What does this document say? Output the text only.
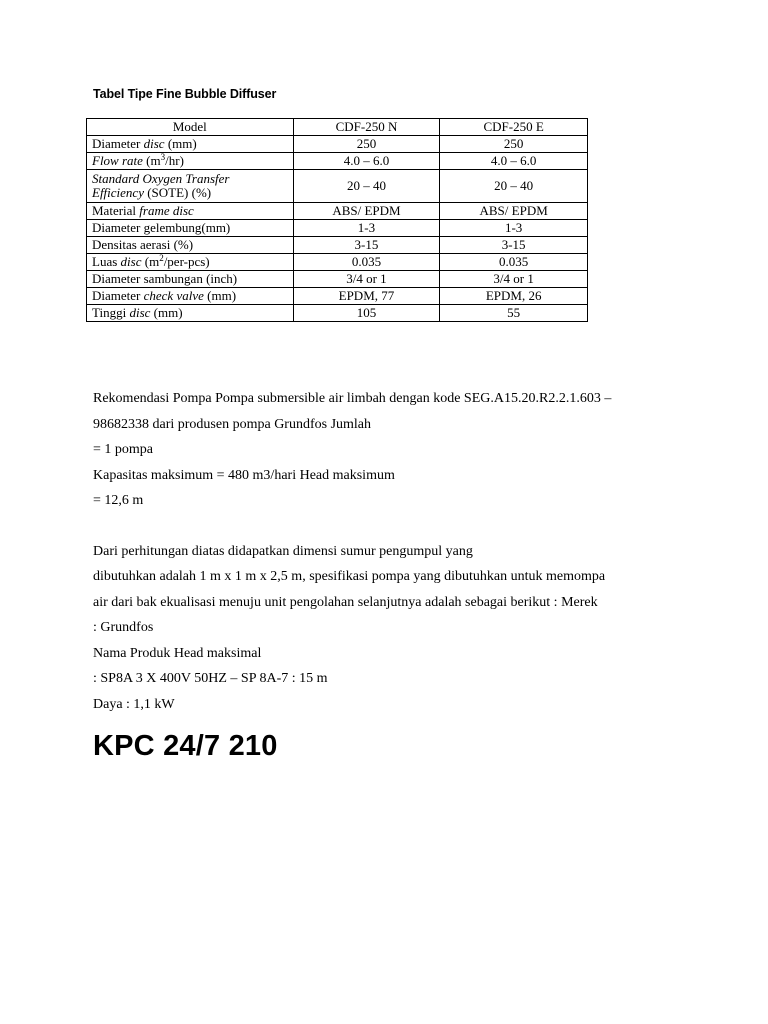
Tabel Tipe Fine Bubble Diffuser
Model	CDF-250 N	CDF-250 E
Diameter disc (mm)	250	250
Flow rate $(m^3/hr)$	4.0 – 6.0	4.0 – 6.0
Standard Oxygen Transfer
Efficiency (SOTE) (%)	20 – 40	20 – 40
Material frame disc	ABS/ EPDM	ABS/ EPDM
Diameter gelembung(mm)	1-3	1-3
Densitas aerasi (%)	3-15	3-15
Luas disc $(m^2/per-pcs)$	0.035	0.035
Diameter sambungan (inch)	3/4 or 1	3/4 or 1
Diameter check valve (mm)	EPDM, 77	EPDM, 26
Tinggi disc (mm)	105	55

Rekomendasi Pompa Pompa submersible air limbah dengan kode SEG.A15.20.R2.2.1.603 –

98682338 dari produsen pompa Grundfos Jumlah

= 1 pompa

Kapasitas maksimum = 480 m3/hari Head maksimum

= 12,6 m

Dari perhitungan diatas didapatkan dimensi sumur pengumpul yang

dibutuhkan adalah 1 m x 1 m x 2,5 m, spesifikasi pompa yang dibutuhkan untuk memompa

air dari bak ekualisasi menuju unit pengolahan selanjutnya adalah sebagai berikut : Merek

: Grundfos

Nama Produk Head maksimal

: SP8A 3 X 400V 50HZ – SP 8A-7 : 15 m

Daya : 1,1 kW

KPC 24/7 210
